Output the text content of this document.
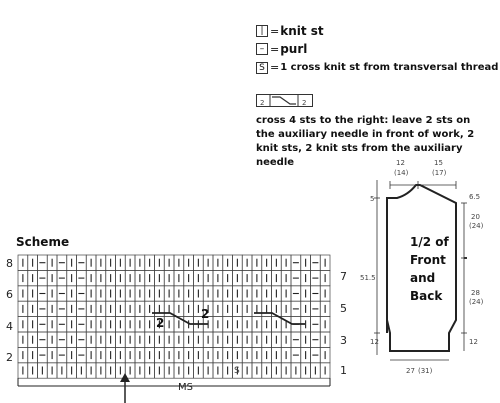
| = knit st
– = purl
S = 1 cross knit st from transversal thread
2	2
cross 4 sts to the right: leave 2 sts on the auxiliary needle in front of work, 2 knit sts, 2 knit sts from the auxiliary needle
Scheme
2
2
S
7
5
3
1
8
6
4
2
MS
12
(14)
15
(17)
5	6.5
20
(24)
51.5
28
(24)
12	12
27 (31)
1/2 of
Front
and
Back
